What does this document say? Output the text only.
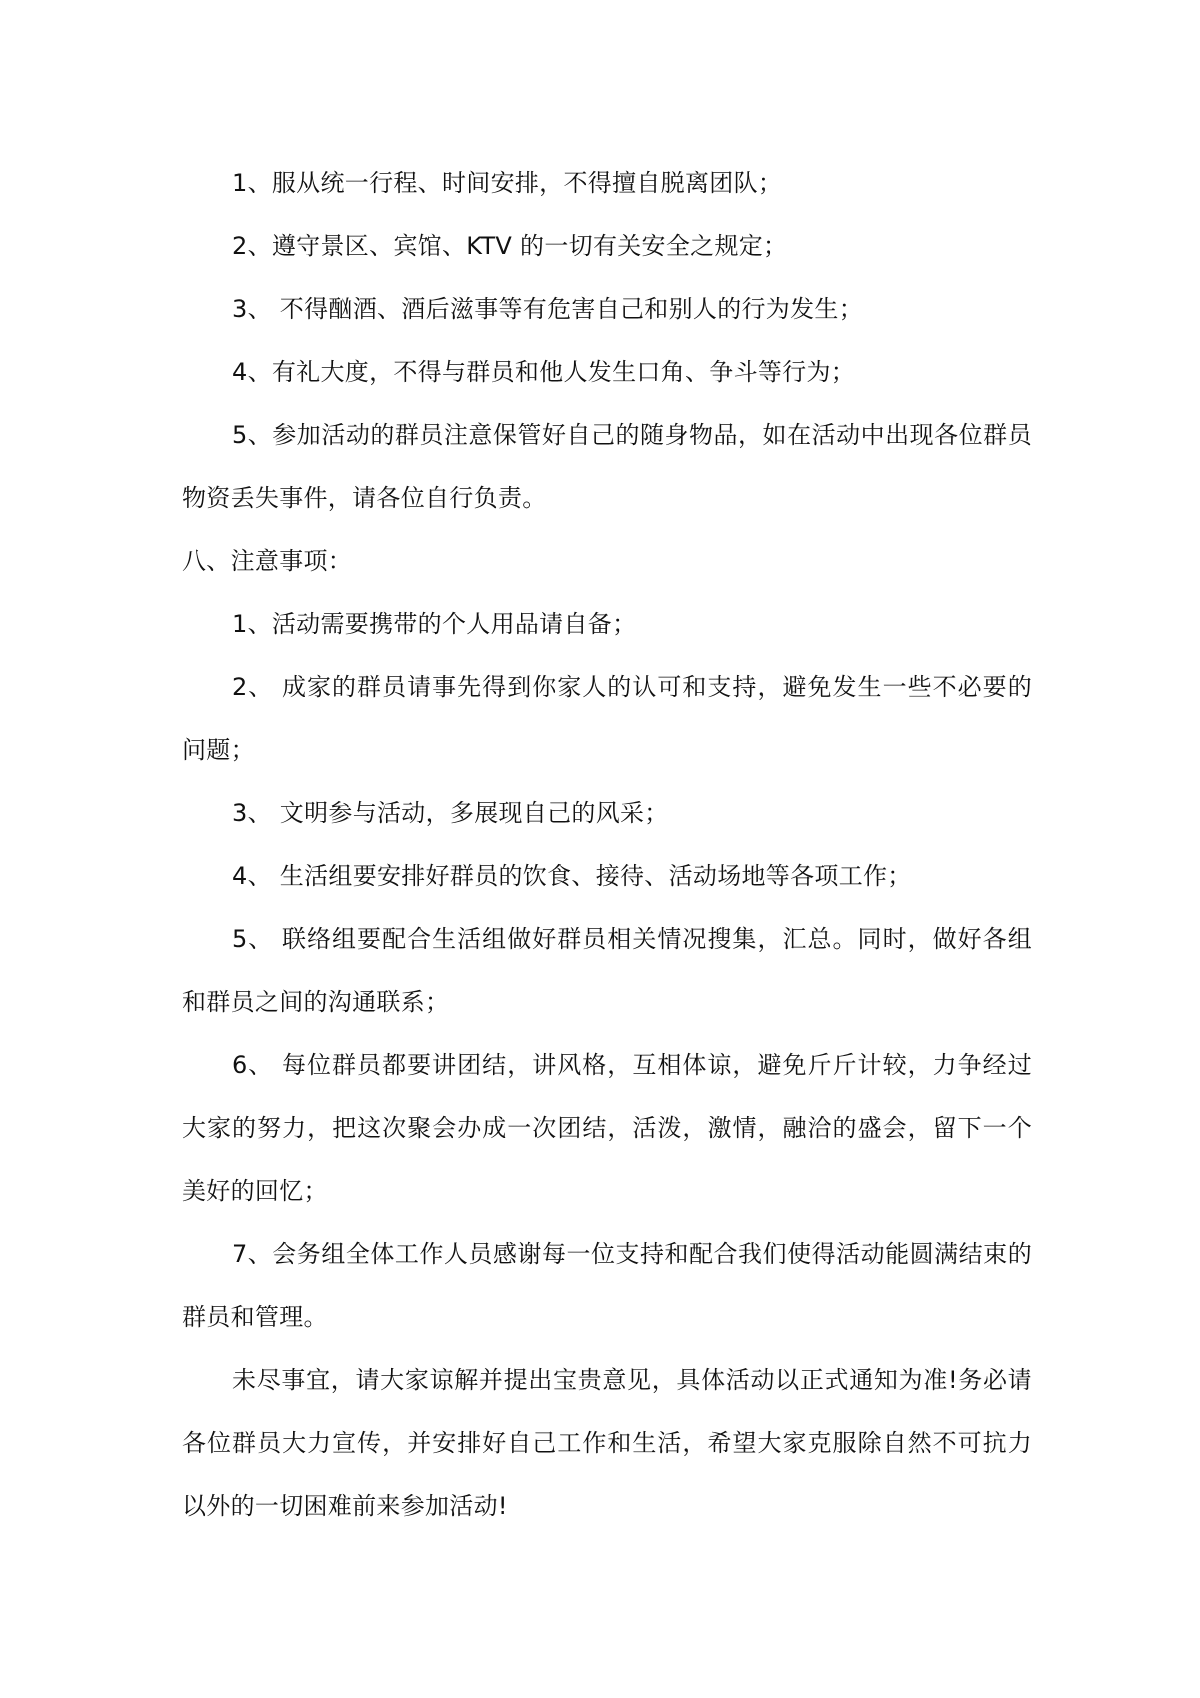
1、服从统一行程、时间安排，不得擅自脱离团队；

2、遵守景区、宾馆、KTV 的一切有关安全之规定；

3、 不得酗酒、酒后滋事等有危害自己和别人的行为发生；

4、有礼大度，不得与群员和他人发生口角、争斗等行为；

5、参加活动的群员注意保管好自己的随身物品，如在活动中出现各位群员物资丢失事件，请各位自行负责。

八、注意事项：

1、活动需要携带的个人用品请自备；

2、 成家的群员请事先得到你家人的认可和支持，避免发生一些不必要的问题；

3、 文明参与活动，多展现自己的风采；

4、 生活组要安排好群员的饮食、接待、活动场地等各项工作；

5、 联络组要配合生活组做好群员相关情况搜集，汇总。同时，做好各组和群员之间的沟通联系；

6、 每位群员都要讲团结，讲风格，互相体谅，避免斤斤计较，力争经过大家的努力，把这次聚会办成一次团结，活泼，激情，融洽的盛会，留下一个美好的回忆；

7、会务组全体工作人员感谢每一位支持和配合我们使得活动能圆满结束的群员和管理。

未尽事宜，请大家谅解并提出宝贵意见，具体活动以正式通知为准!务必请各位群员大力宣传，并安排好自己工作和生活，希望大家克服除自然不可抗力以外的一切困难前来参加活动!
